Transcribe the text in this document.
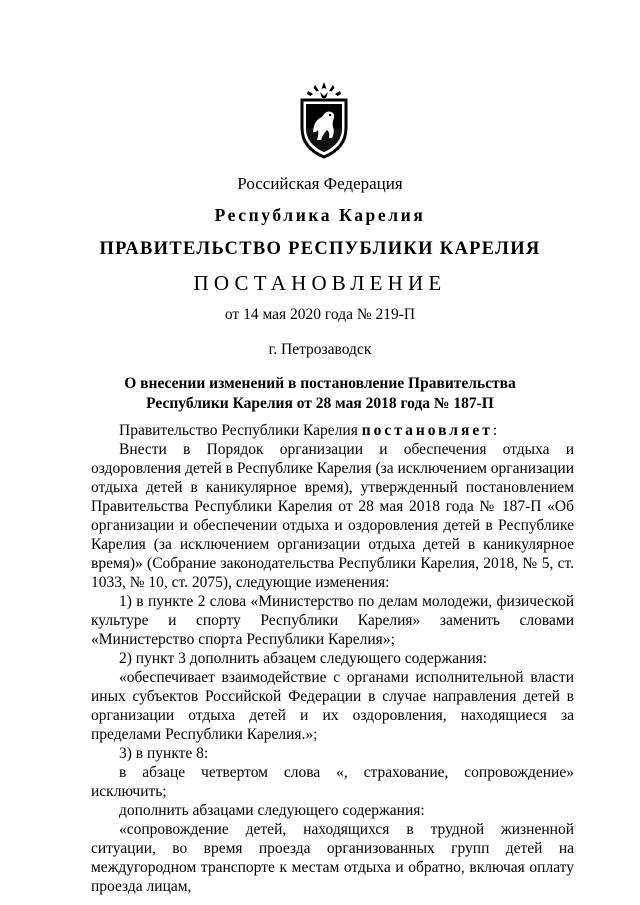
Российская Федерация
Республика Карелия
ПРАВИТЕЛЬСТВО РЕСПУБЛИКИ КАРЕЛИЯ
ПОСТАНОВЛЕНИЕ
от 14 мая 2020 года № 219-П
г. Петрозаводск
О внесении изменений в постановление Правительства
Республики Карелия от 28 мая 2018 года № 187-П

Правительство Республики Карелия постановляет:

Внести в Порядок организации и обеспечения отдыха и оздоровления детей в Республике Карелия (за исключением организации отдыха детей в каникулярное время), утвержденный постановлением Правительства Республики Карелия от 28 мая 2018 года № 187-П «Об организации и обеспечении отдыха и оздоровления детей в Республике Карелия (за исключением организации отдыха детей в каникулярное время)» (Собрание законодательства Республики Карелия, 2018, № 5, ст. 1033, № 10, ст. 2075), следующие изменения:

1) в пункте 2 слова «Министерство по делам молодежи, физической культуре и спорту Республики Карелия» заменить словами «Министерство спорта Республики Карелия»;

2) пункт 3 дополнить абзацем следующего содержания:

«обеспечивает взаимодействие с органами исполнительной власти иных субъектов Российской Федерации в случае направления детей в организации отдыха детей и их оздоровления, находящиеся за пределами Республики Карелия.»;

3) в пункте 8:

в абзаце четвертом слова «, страхование, сопровождение» исключить;

дополнить абзацами следующего содержания:

«сопровождение детей, находящихся в трудной жизненной ситуации, во время проезда организованных групп детей на междугородном транспорте к местам отдыха и обратно, включая оплату проезда лицам,
